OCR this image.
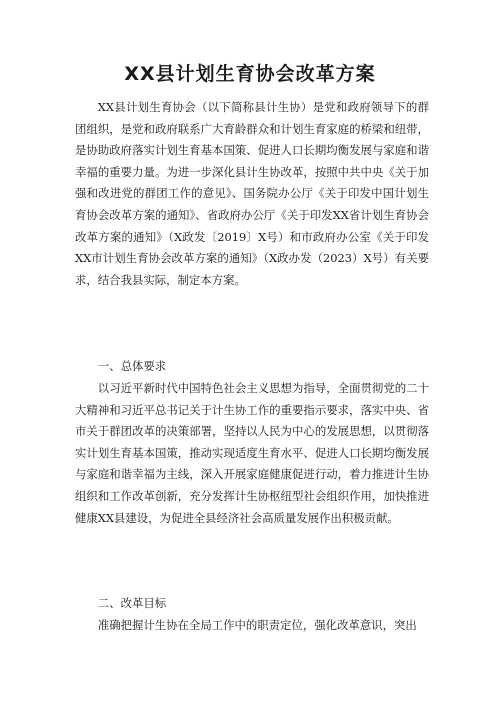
XX县计划生育协会改革方案

XX县计划生育协会（以下简称县计生协）是党和政府领导下的群团组织，是党和政府联系广大育龄群众和计划生育家庭的桥梁和纽带，是协助政府落实计划生育基本国策、促进人口长期均衡发展与家庭和谐幸福的重要力量。为进一步深化县计生协改革，按照中共中央《关于加强和改进党的群团工作的意见》、国务院办公厅《关于印发中国计划生育协会改革方案的通知》、省政府办公厅《关于印发XX省计划生育协会改革方案的通知》（X政发〔2019〕X号）和市政府办公室《关于印发XX市计划生育协会改革方案的通知》（X政办发（2023）X号）有关要求，结合我县实际，制定本方案。

一、总体要求

以习近平新时代中国特色社会主义思想为指导，全面贯彻党的二十大精神和习近平总书记关于计生协工作的重要指示要求，落实中央、省市关于群团改革的决策部署，坚持以人民为中心的发展思想，以贯彻落实计划生育基本国策，推动实现适度生育水平、促进人口长期均衡发展与家庭和谐幸福为主线，深入开展家庭健康促进行动，着力推进计生协组织和工作改革创新，充分发挥计生协枢纽型社会组织作用，加快推进健康XX县建设，为促进全县经济社会高质量发展作出积极贡献。

二、改革目标

准确把握计生协在全局工作中的职责定位，强化改革意识，突出
